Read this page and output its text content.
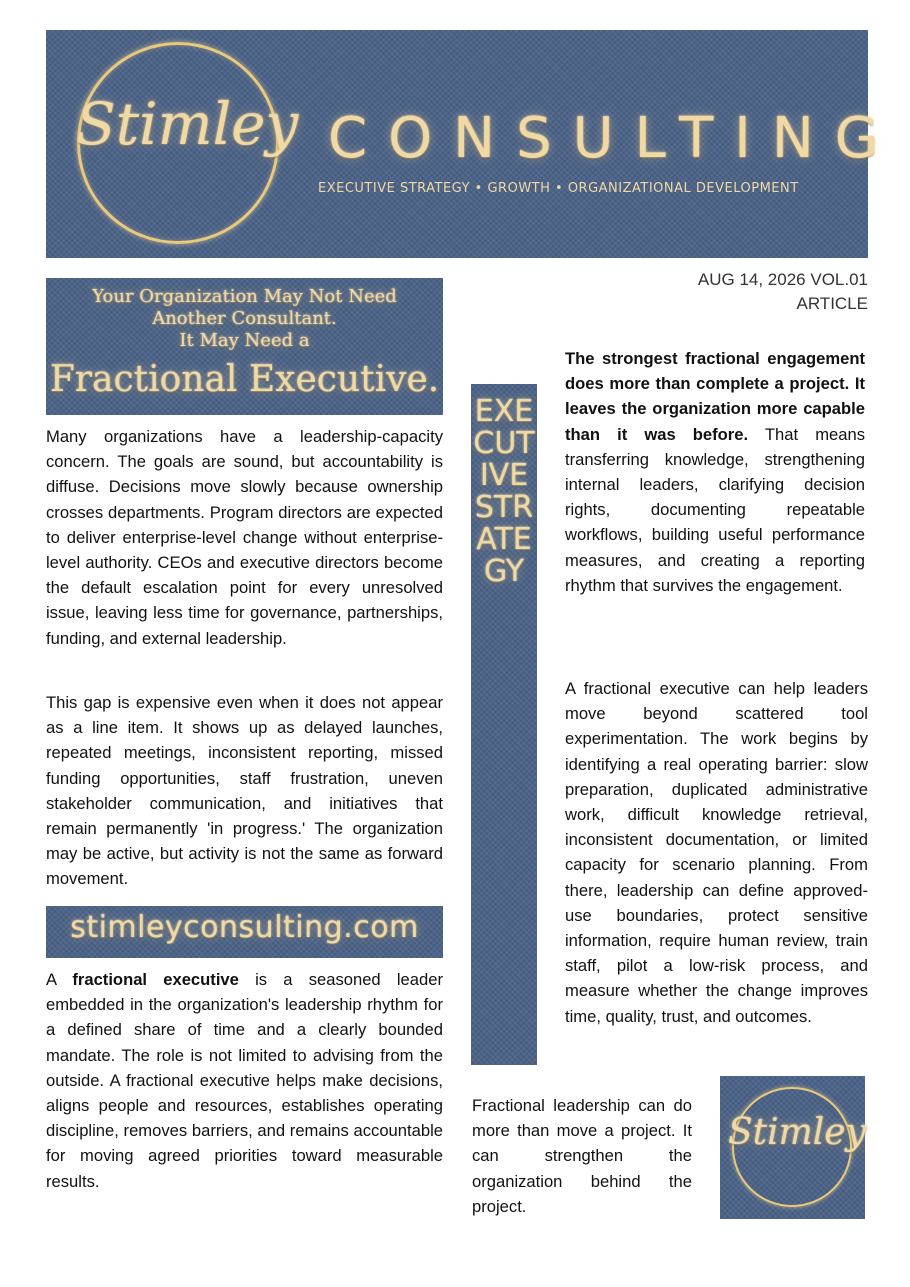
Stimley CONSULTING
EXECUTIVE STRATEGY • GROWTH • ORGANIZATIONAL DEVELOPMENT
AUG 14, 2026 VOL.01
ARTICLE
Your Organization May Not Need
Another Consultant.
It May Need a
Fractional Executive.

Many organizations have a leadership-capacity concern. The goals are sound, but accountability is diffuse. Decisions move slowly because ownership crosses departments. Program directors are expected to deliver enterprise-level change without enterprise-level authority. CEOs and executive directors become the default escalation point for every unresolved issue, leaving less time for governance, partnerships, funding, and external leadership.

This gap is expensive even when it does not appear as a line item. It shows up as delayed launches, repeated meetings, inconsistent reporting, missed funding opportunities, staff frustration, uneven stakeholder communication, and initiatives that remain permanently 'in progress.' The organization may be active, but activity is not the same as forward movement.

stimleyconsulting.com

A fractional executive is a seasoned leader embedded in the organization's leadership rhythm for a defined share of time and a clearly bounded mandate. The role is not limited to advising from the outside. A fractional executive helps make decisions, aligns people and resources, establishes operating discipline, removes barriers, and remains accountable for moving agreed priorities toward measurable results.

EXECUTIVE STRATEGY

The strongest fractional engagement does more than complete a project. It leaves the organization more capable than it was before. That means transferring knowledge, strengthening internal leaders, clarifying decision rights, documenting repeatable workflows, building useful performance measures, and creating a reporting rhythm that survives the engagement.

A fractional executive can help leaders move beyond scattered tool experimentation. The work begins by identifying a real operating barrier: slow preparation, duplicated administrative work, difficult knowledge retrieval, inconsistent documentation, or limited capacity for scenario planning. From there, leadership can define approved-use boundaries, protect sensitive information, require human review, train staff, pilot a low-risk process, and measure whether the change improves time, quality, trust, and outcomes.

Fractional leadership can do more than move a project. It can strengthen the organization behind the project.

Stimley
